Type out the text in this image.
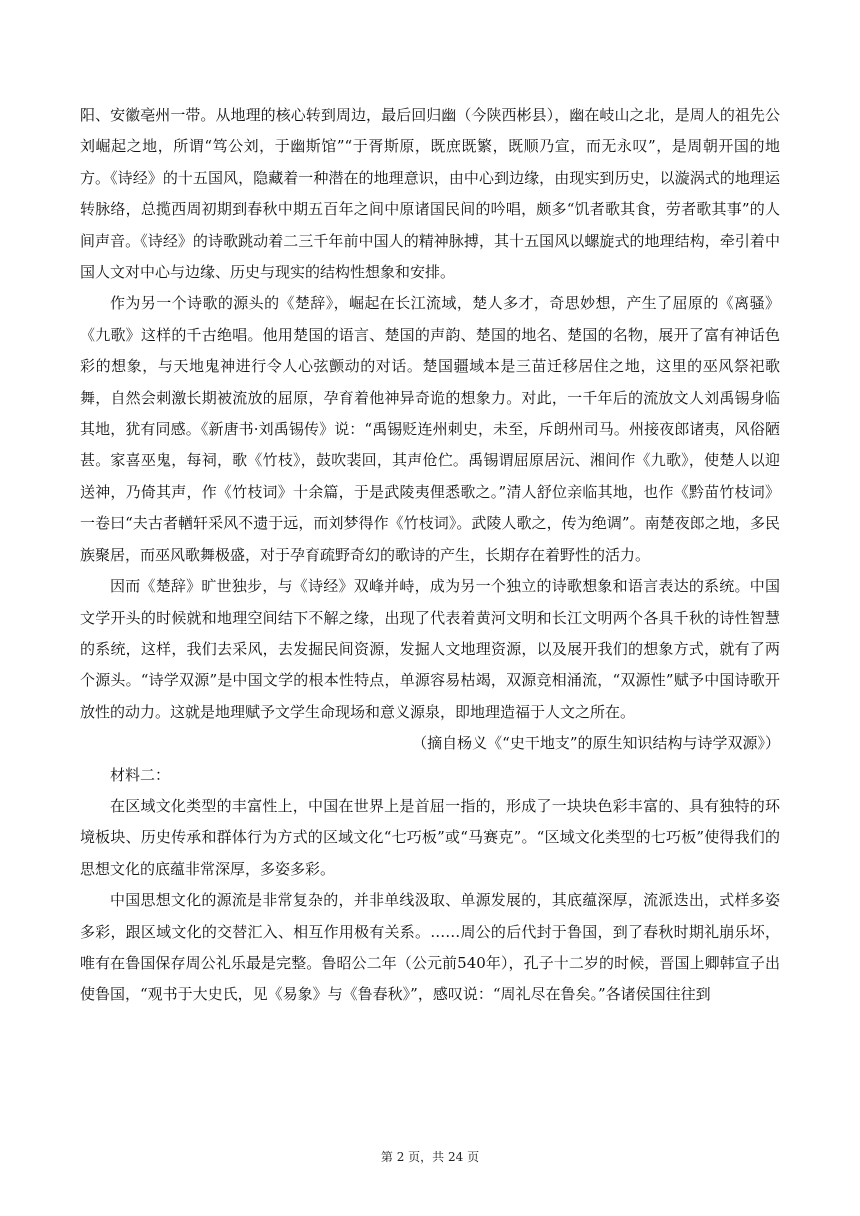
阳、安徽亳州一带。从地理的核心转到周边，最后回归幽（今陕西彬县），幽在岐山之北，是周人的祖先公刘崛起之地，所谓“笃公刘，于幽斯馆”“于胥斯原，既庶既繁，既顺乃宣，而无永叹”，是周朝开国的地方。《诗经》的十五国风，隐藏着一种潜在的地理意识，由中心到边缘，由现实到历史，以漩涡式的地理运转脉络，总揽西周初期到春秋中期五百年之间中原诸国民间的吟唱，颇多“饥者歌其食，劳者歌其事”的人间声音。《诗经》的诗歌跳动着二三千年前中国人的精神脉搏，其十五国风以螺旋式的地理结构，牵引着中国人文对中心与边缘、历史与现实的结构性想象和安排。

作为另一个诗歌的源头的《楚辞》，崛起在长江流域，楚人多才，奇思妙想，产生了屈原的《离骚》《九歌》这样的千古绝唱。他用楚国的语言、楚国的声韵、楚国的地名、楚国的名物，展开了富有神话色彩的想象，与天地鬼神进行令人心弦颤动的对话。楚国疆域本是三苗迁移居住之地，这里的巫风祭祀歌舞，自然会刺激长期被流放的屈原，孕育着他神异奇诡的想象力。对此，一千年后的流放文人刘禹锡身临其地，犹有同感。《新唐书·刘禹锡传》说：“禹锡贬连州刺史，未至，斥朗州司马。州接夜郎诸夷，风俗陋甚。家喜巫鬼，每祠，歌《竹枝》，鼓吹裴回，其声伧伫。禹锡谓屈原居沅、湘间作《九歌》，使楚人以迎送神，乃倚其声，作《竹枝词》十余篇，于是武陵夷俚悉歌之。”清人舒位亲临其地，也作《黔苗竹枝词》一卷曰“夫古者輶轩采风不遗于远，而刘梦得作《竹枝词》。武陵人歌之，传为绝调”。南楚夜郎之地，多民族聚居，而巫风歌舞极盛，对于孕育疏野奇幻的歌诗的产生，长期存在着野性的活力。

因而《楚辞》旷世独步，与《诗经》双峰并峙，成为另一个独立的诗歌想象和语言表达的系统。中国文学开头的时候就和地理空间结下不解之缘，出现了代表着黄河文明和长江文明两个各具千秋的诗性智慧的系统，这样，我们去采风，去发掘民间资源，发掘人文地理资源，以及展开我们的想象方式，就有了两个源头。“诗学双源”是中国文学的根本性特点，单源容易枯竭，双源竞相涌流，“双源性”赋予中国诗歌开放性的动力。这就是地理赋予文学生命现场和意义源泉，即地理造福于人文之所在。

（摘自杨义《“史干地支”的原生知识结构与诗学双源》）

材料二：

在区域文化类型的丰富性上，中国在世界上是首屈一指的，形成了一块块色彩丰富的、具有独特的环境板块、历史传承和群体行为方式的区域文化“七巧板”或“马赛克”。“区域文化类型的七巧板”使得我们的思想文化的底蕴非常深厚，多姿多彩。

中国思想文化的源流是非常复杂的，并非单线汲取、单源发展的，其底蕴深厚，流派迭出，式样多姿多彩，跟区域文化的交替汇入、相互作用极有关系。……周公的后代封于鲁国，到了春秋时期礼崩乐坏，唯有在鲁国保存周公礼乐最是完整。鲁昭公二年（公元前540年），孔子十二岁的时候，晋国上卿韩宣子出使鲁国，“观书于大史氏，见《易象》与《鲁春秋》”，感叹说：“周礼尽在鲁矣。”各诸侯国往往到

第 2 页，共 24 页
